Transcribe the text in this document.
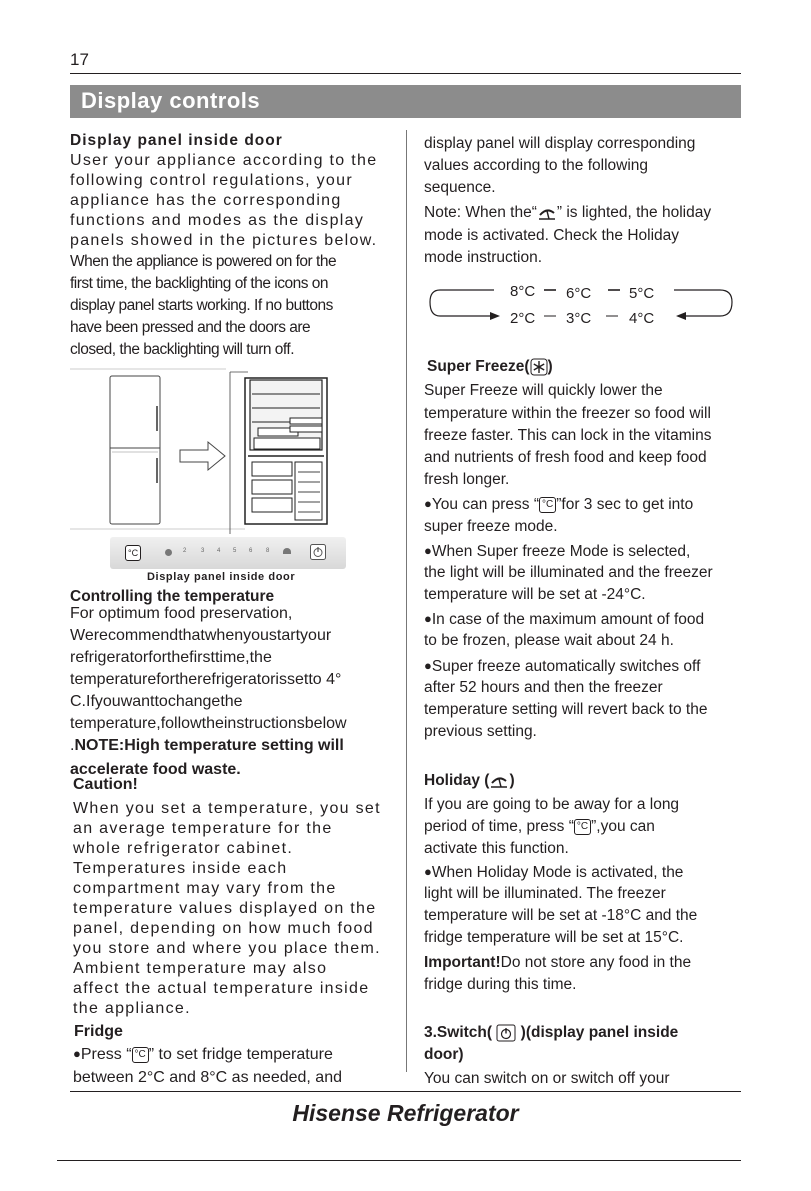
17
Display controls
Display panel inside door
User your appliance according to the
following control regulations, your
appliance has the corresponding
functions and modes as the display
panels showed in the pictures below.
When the appliance is powered on for the
first time, the backlighting of the icons on
display panel starts working. If no buttons
have been pressed and the doors are
closed, the backlighting will turn off.
°C	2 3 4 5 6 8
Display panel inside door
Controlling the temperature
For optimum food preservation,
Werecommendthatwhenyoustartyour
refrigeratorforthefirsttime,the
temperaturefortherefrigeratorissetto 4°
C.Ifyouwanttochangethe
temperature,followtheinstructionsbelow
.NOTE:High temperature setting will
accelerate food waste.
Caution!
When you set a temperature, you set
an average temperature for the
whole refrigerator cabinet.
Temperatures inside each
compartment may vary from the
temperature values displayed on the
panel, depending on how much food
you store and where you place them.
Ambient temperature may also
affect the actual temperature inside
the appliance.
Fridge
●Press “ °C ” to set fridge temperature
between 2°C and 8°C as needed, and
display panel will display corresponding
values according to the following
sequence.
Note: When the“ ” is lighted, the holiday
mode is activated. Check the Holiday
mode instruction.
8°C 6°C	5°C
2°C 3°C	4°C
Super Freeze( )
Super Freeze will quickly lower the
temperature within the freezer so food will
freeze faster. This can lock in the vitamins
and nutrients of fresh food and keep food
fresh longer.
●You can press “ °C ”for 3 sec to get into
super freeze mode.
●When Super freeze Mode is selected,
the light will be illuminated and the freezer
temperature will be set at -24°C.
●In case of the maximum amount of food
to be frozen, please wait about 24 h.
●Super freeze automatically switches off
after 52 hours and then the freezer
temperature setting will revert back to the
previous setting.
Holiday ( )
If you are going to be away for a long
period of time, press “ °C ”,you can
activate this function.
●When Holiday Mode is activated, the
light will be illuminated. The freezer
temperature will be set at -18°C and the
fridge temperature will be set at 15°C.
Important!Do not store any food in the
fridge during this time.
3.Switch( )(display panel inside
door)
You can switch on or switch off your
Hisense Refrigerator
